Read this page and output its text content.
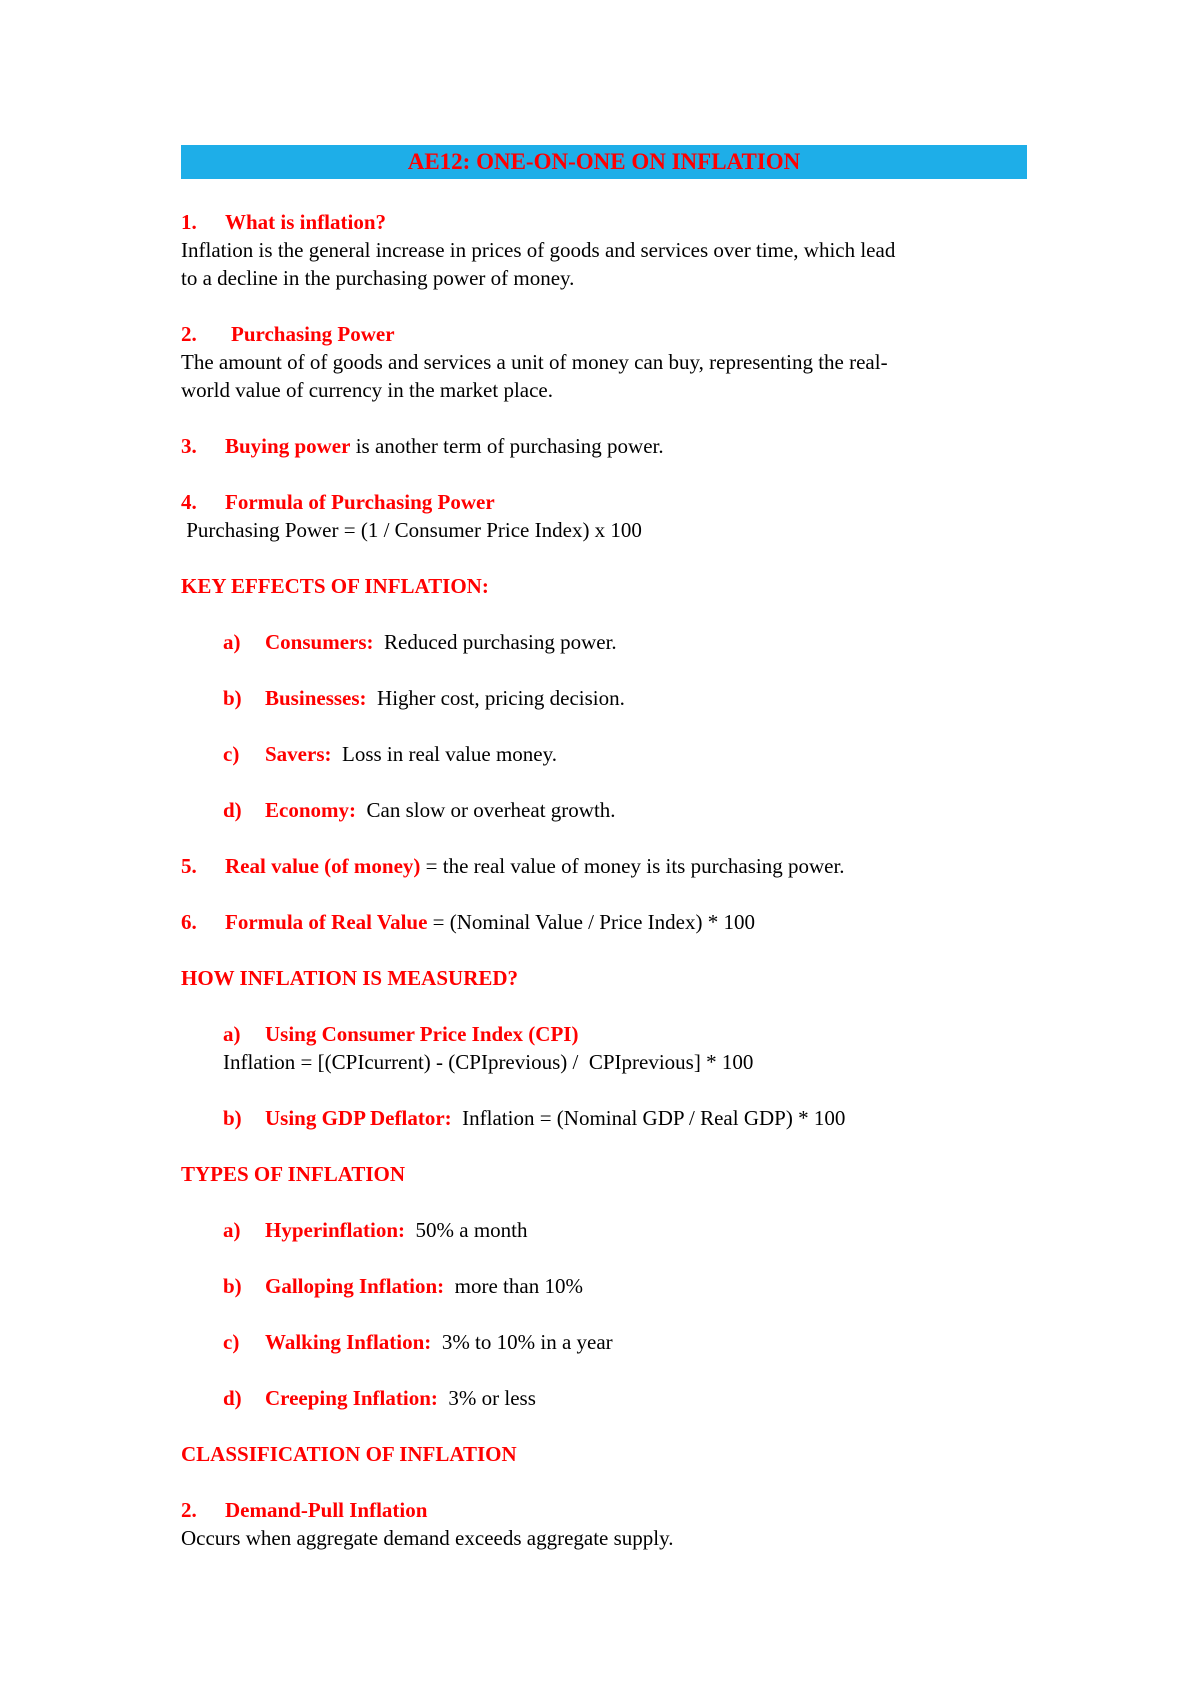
AE12: ONE-ON-ONE ON INFLATION
1. What is inflation?
Inflation is the general increase in prices of goods and services over time, which lead
to a decline in the purchasing power of money.
2. Purchasing Power
The amount of of goods and services a unit of money can buy, representing the real-
world value of currency in the market place.
3. Buying power is another term of purchasing power.
4. Formula of Purchasing Power
Purchasing Power = (1 / Consumer Price Index) x 100
KEY EFFECTS OF INFLATION:
a) Consumers:  Reduced purchasing power.
b) Businesses:  Higher cost, pricing decision.
c) Savers:  Loss in real value money.
d) Economy:  Can slow or overheat growth.
5. Real value (of money) = the real value of money is its purchasing power.
6. Formula of Real Value = (Nominal Value / Price Index) * 100
HOW INFLATION IS MEASURED?
a) Using Consumer Price Index (CPI)
Inflation = [(CPIcurrent) - (CPIprevious) /  CPIprevious] * 100
b) Using GDP Deflator:  Inflation = (Nominal GDP / Real GDP) * 100
TYPES OF INFLATION
a) Hyperinflation:  50% a month
b) Galloping Inflation:  more than 10%
c) Walking Inflation:  3% to 10% in a year
d) Creeping Inflation:  3% or less
CLASSIFICATION OF INFLATION
2. Demand-Pull Inflation
Occurs when aggregate demand exceeds aggregate supply.
